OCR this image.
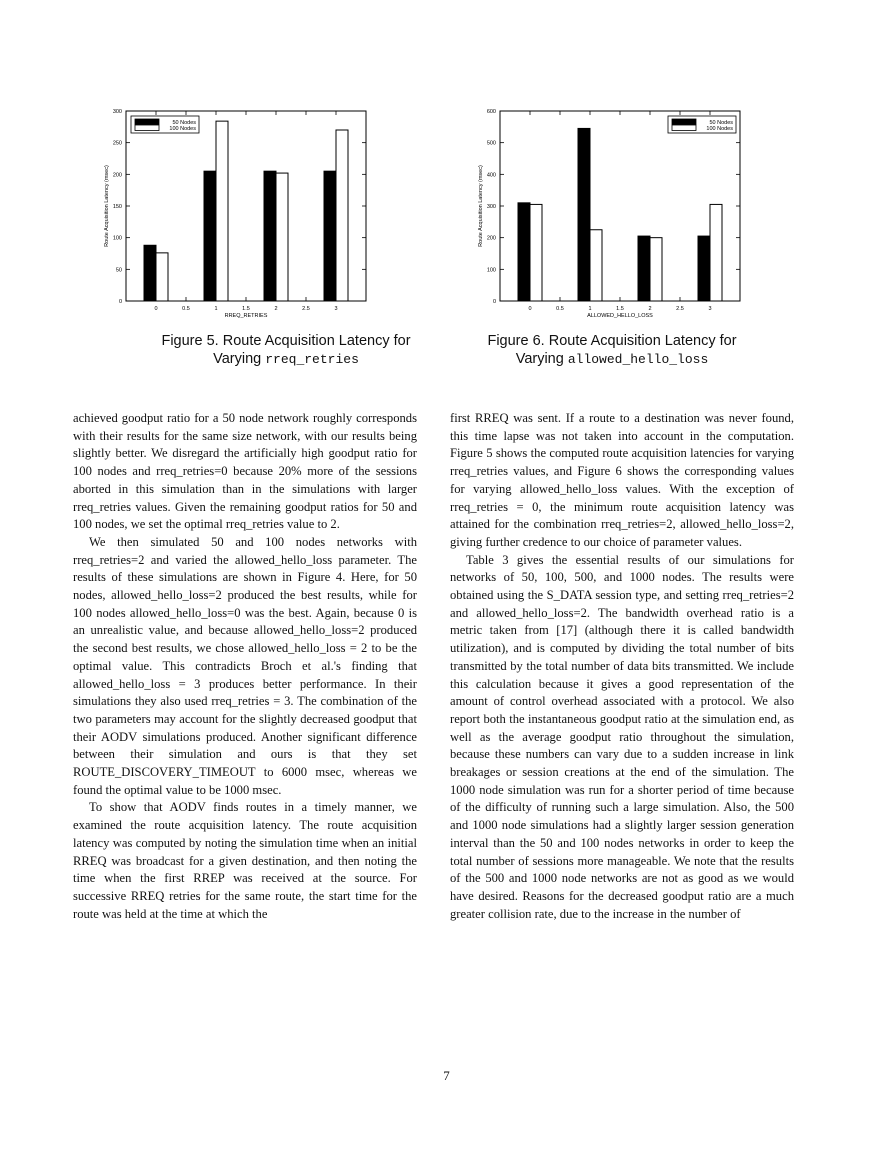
0
50
100
150
200
250
300
0	0.5	1	1.5	2	2.5	3
RREQ_RETRIES
Route Acquisition Latency (msec)
50 Nodes
100 Nodes
Figure 5. Route Acquisition Latency for
Varying rreq_retries
0
100
200
300
400
500
600
0	0.5	1	1.5	2	2.5	3
ALLOWED_HELLO_LOSS
Route Acquisition Latency (msec)
50 Nodes
100 Nodes
Figure 6. Route Acquisition Latency for
Varying allowed_hello_loss

achieved goodput ratio for a 50 node network roughly corresponds with their results for the same size network, with our results being slightly better. We disregard the artificially high goodput ratio for 100 nodes and rreq_retries=0 because 20% more of the sessions aborted in this simulation than in the simulations with larger rreq_retries values. Given the remaining goodput ratios for 50 and 100 nodes, we set the optimal rreq_retries value to 2.

We then simulated 50 and 100 nodes networks with rreq_retries=2 and varied the allowed_hello_loss parameter. The results of these simulations are shown in Figure 4. Here, for 50 nodes, allowed_hello_loss=2 produced the best results, while for 100 nodes allowed_hello_loss=0 was the best. Again, because 0 is an unrealistic value, and because allowed_hello_loss=2 produced the second best results, we chose allowed_hello_loss = 2 to be the optimal value. This contradicts Broch et al.'s finding that allowed_hello_loss = 3 produces better performance. In their simulations they also used rreq_retries = 3. The combination of the two parameters may account for the slightly decreased goodput that their AODV simulations produced. Another significant difference between their simulation and ours is that they set ROUTE_DISCOVERY_TIMEOUT to 6000 msec, whereas we found the optimal value to be 1000 msec.

To show that AODV finds routes in a timely manner, we examined the route acquisition latency. The route acquisition latency was computed by noting the simulation time when an initial RREQ was broadcast for a given destination, and then noting the time when the first RREP was received at the source. For successive RREQ retries for the same route, the start time for the route was held at the time at which the

first RREQ was sent. If a route to a destination was never found, this time lapse was not taken into account in the computation. Figure 5 shows the computed route acquisition latencies for varying rreq_retries values, and Figure 6 shows the corresponding values for varying allowed_hello_loss values. With the exception of rreq_retries = 0, the minimum route acquisition latency was attained for the combination rreq_retries=2, allowed_hello_loss=2, giving further credence to our choice of parameter values.

Table 3 gives the essential results of our simulations for networks of 50, 100, 500, and 1000 nodes. The results were obtained using the S_DATA session type, and setting rreq_retries=2 and allowed_hello_loss=2. The bandwidth overhead ratio is a metric taken from [17] (although there it is called bandwidth utilization), and is computed by dividing the total number of bits transmitted by the total number of data bits transmitted. We include this calculation because it gives a good representation of the amount of control overhead associated with a protocol. We also report both the instantaneous goodput ratio at the simulation end, as well as the average goodput ratio throughout the simulation, because these numbers can vary due to a sudden increase in link breakages or session creations at the end of the simulation. The 1000 node simulation was run for a shorter period of time because of the difficulty of running such a large simulation. Also, the 500 and 1000 node simulations had a slightly larger session generation interval than the 50 and 100 nodes networks in order to keep the total number of sessions more manageable. We note that the results of the 500 and 1000 node networks are not as good as we would have desired. Reasons for the decreased goodput ratio are a much greater collision rate, due to the increase in the number of

7
